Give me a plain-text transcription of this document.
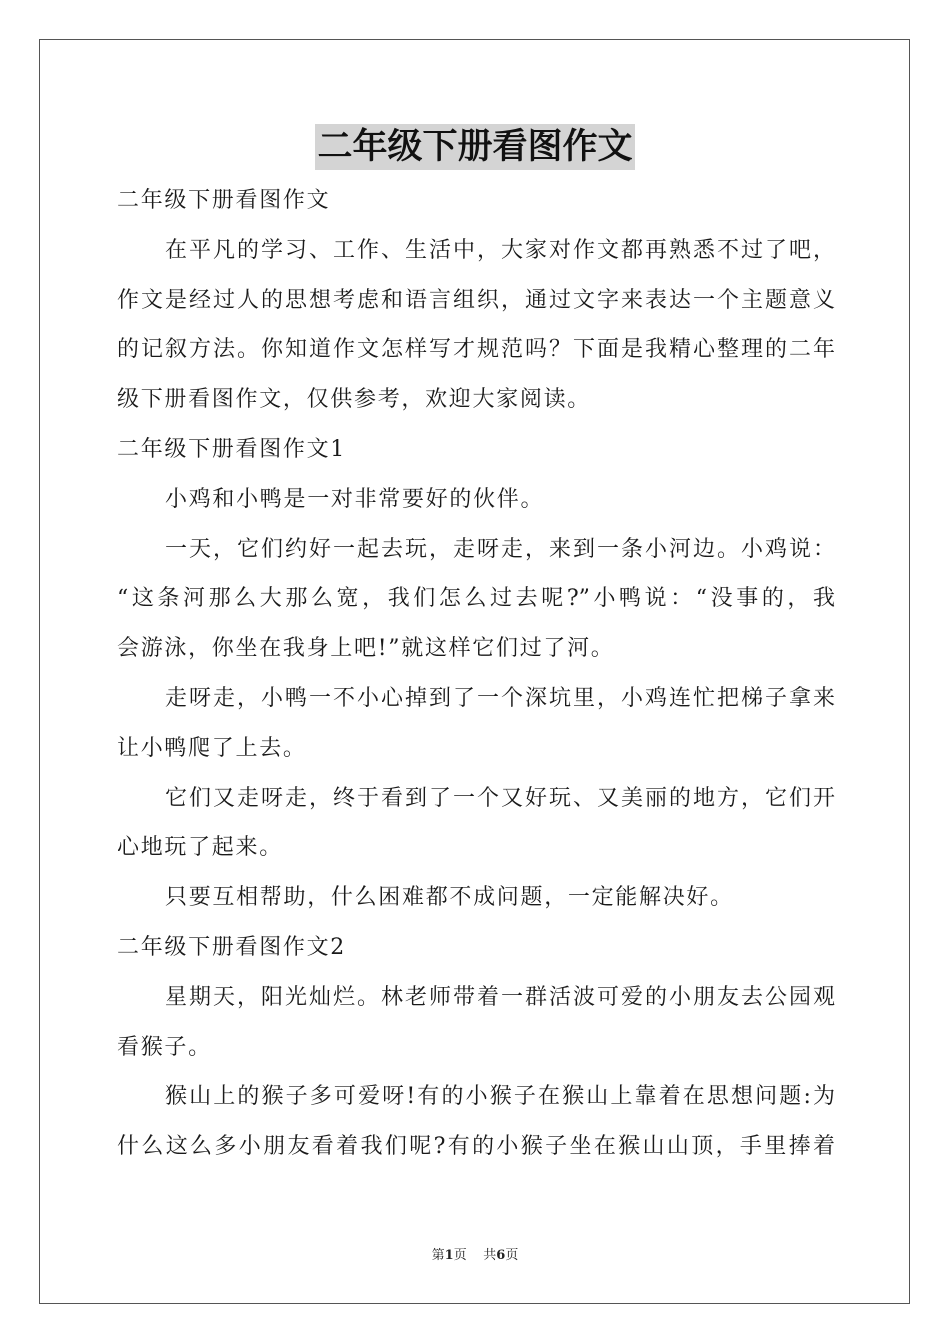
二年级下册看图作文
二年级下册看图作文
在平凡的学习、工作、生活中，大家对作文都再熟悉不过了吧，
作文是经过人的思想考虑和语言组织，通过文字来表达一个主题意义
的记叙方法。你知道作文怎样写才规范吗？下面是我精心整理的二年
级下册看图作文，仅供参考，欢迎大家阅读。
二年级下册看图作文1
小鸡和小鸭是一对非常要好的伙伴。
一天，它们约好一起去玩，走呀走，来到一条小河边。小鸡说：
“这条河那么大那么宽，我们怎么过去呢?”小鸭说：“没事的，我
会游泳，你坐在我身上吧!”就这样它们过了河。
走呀走，小鸭一不小心掉到了一个深坑里，小鸡连忙把梯子拿来
让小鸭爬了上去。
它们又走呀走，终于看到了一个又好玩、又美丽的地方，它们开
心地玩了起来。
只要互相帮助，什么困难都不成问题，一定能解决好。
二年级下册看图作文2
星期天，阳光灿烂。林老师带着一群活波可爱的小朋友去公园观
看猴子。
猴山上的猴子多可爱呀!有的小猴子在猴山上靠着在思想问题:为
什么这么多小朋友看着我们呢?有的小猴子坐在猴山山顶，手里捧着
第1页 共6页
